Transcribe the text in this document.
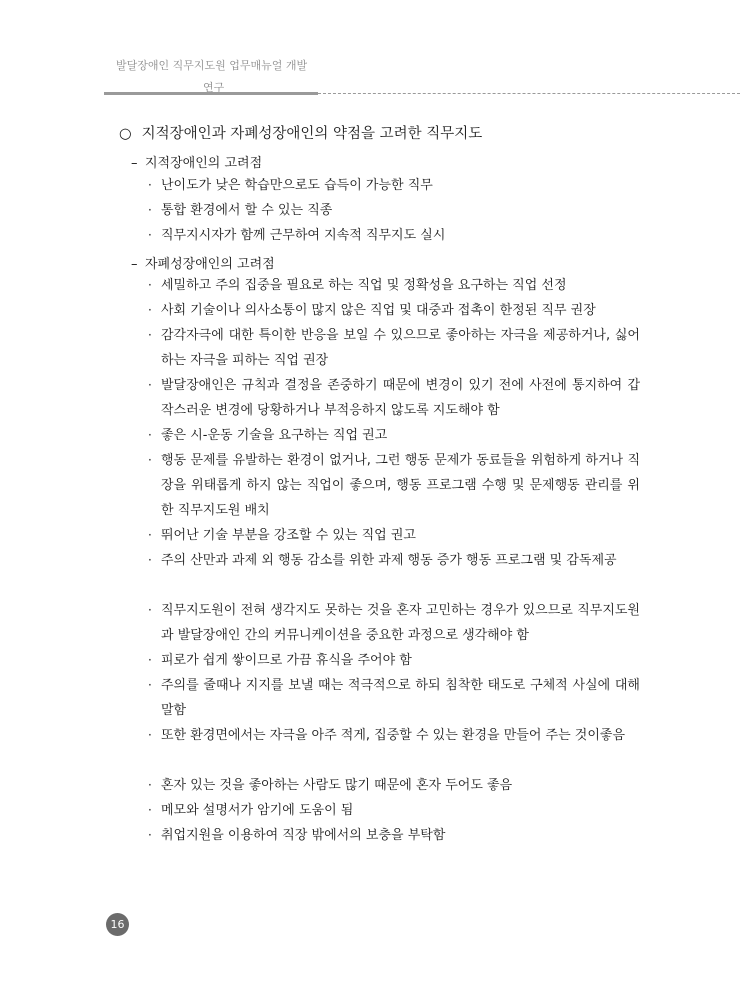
발달장애인 직무지도원 업무매뉴얼 개발
연구
○ 지적장애인과 자폐성장애인의 약점을 고려한 직무지도
– 지적장애인의 고려점
· 난이도가 낮은 학습만으로도 습득이 가능한 직무
· 통합 환경에서 할 수 있는 직종
· 직무지시자가 함께 근무하여 지속적 직무지도 실시
– 자폐성장애인의 고려점
· 세밀하고 주의 집중을 필요로 하는 직업 및 정확성을 요구하는 직업 선정
· 사회 기술이나 의사소통이 많지 않은 직업 및 대중과 접촉이 한정된 직무 권장
· 감각자극에 대한 특이한 반응을 보일 수 있으므로 좋아하는 자극을 제공하거나, 싫어하는 자극을 피하는 직업 권장
· 발달장애인은 규칙과 결정을 존중하기 때문에 변경이 있기 전에 사전에 통지하여 갑작스러운 변경에 당황하거나 부적응하지 않도록 지도해야 함
· 좋은 시-운동 기술을 요구하는 직업 권고
· 행동 문제를 유발하는 환경이 없거나, 그런 행동 문제가 동료들을 위험하게 하거나 직장을 위태롭게 하지 않는 직업이 좋으며, 행동 프로그램 수행 및 문제행동 관리를 위한 직무지도원 배치
· 뛰어난 기술 부분을 강조할 수 있는 직업 권고
· 주의 산만과 과제 외 행동 감소를 위한 과제 행동 증가 행동 프로그램 및 감독제공
· 직무지도원이 전혀 생각지도 못하는 것을 혼자 고민하는 경우가 있으므로 직무지도원과 발달장애인 간의 커뮤니케이션을 중요한 과정으로 생각해야 함
· 피로가 쉽게 쌓이므로 가끔 휴식을 주어야 함
· 주의를 줄때나 지지를 보낼 때는 적극적으로 하되 침착한 태도로 구체적 사실에 대해 말함
· 또한 환경면에서는 자극을 아주 적게, 집중할 수 있는 환경을 만들어 주는 것이좋음
· 혼자 있는 것을 좋아하는 사람도 많기 때문에 혼자 두어도 좋음
· 메모와 설명서가 암기에 도움이 됨
· 취업지원을 이용하여 직장 밖에서의 보충을 부탁함
16
